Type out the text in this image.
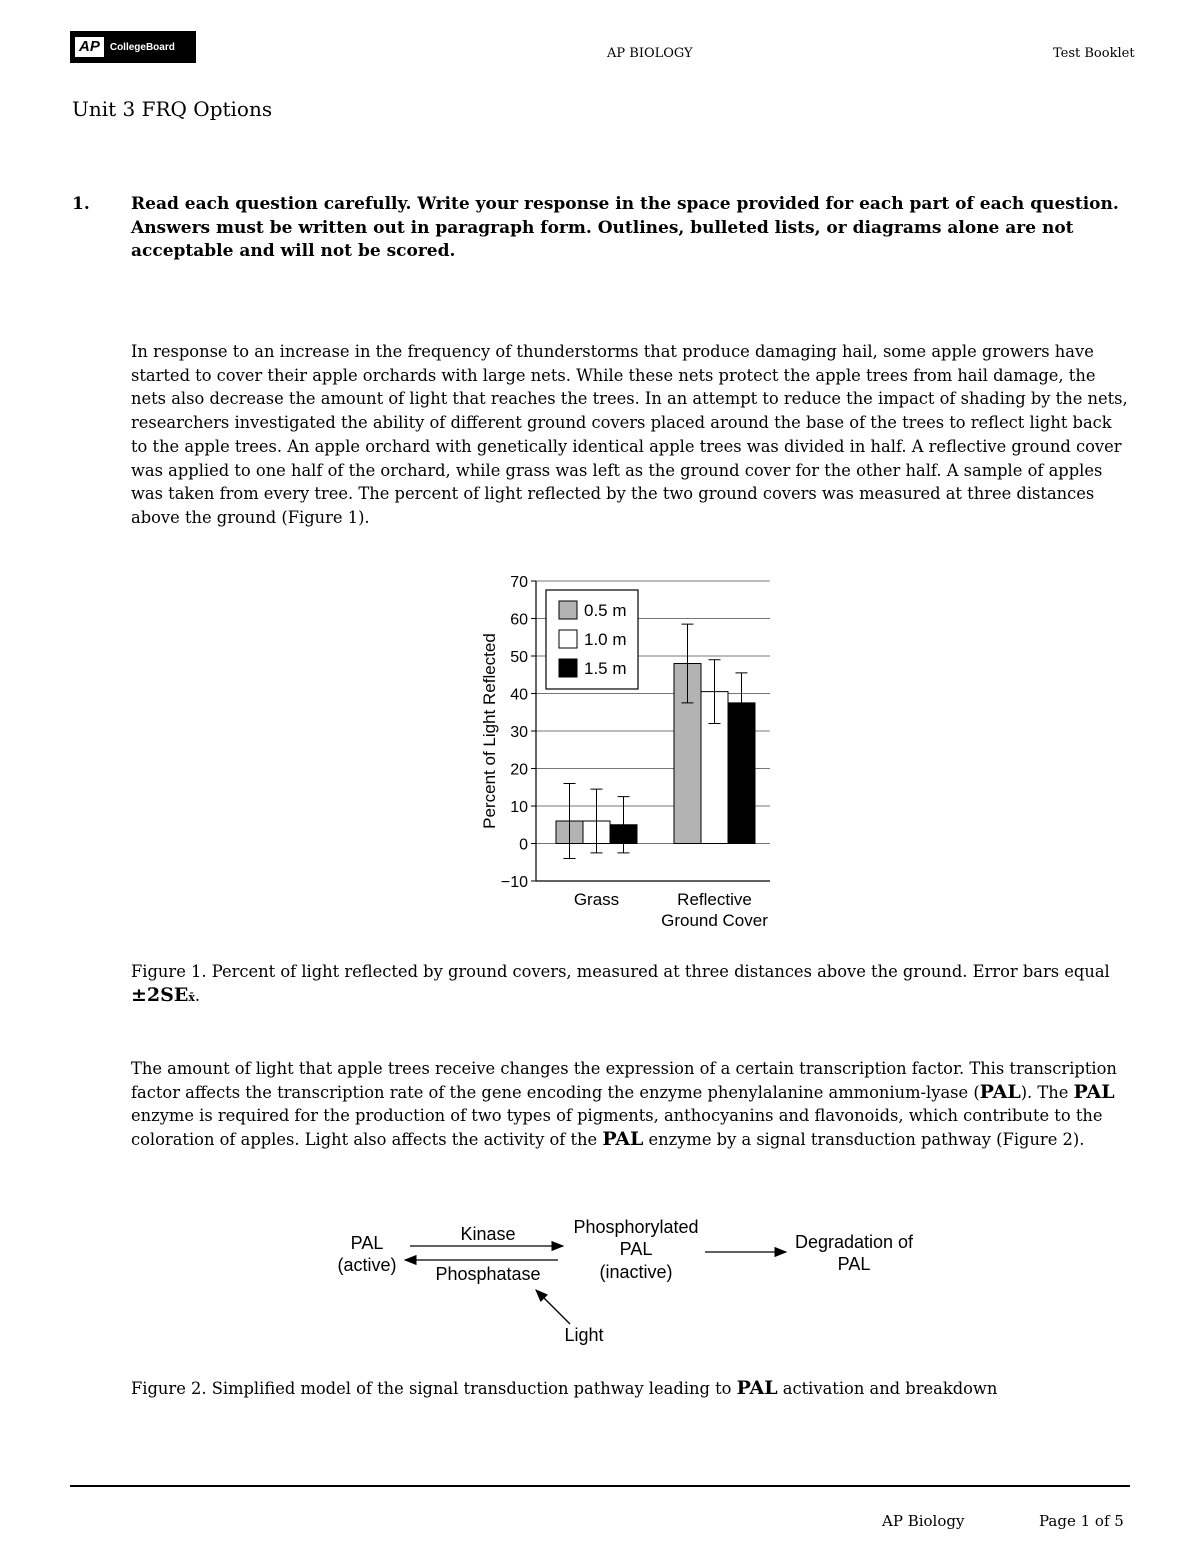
AP	CollegeBoard	AP BIOLOGY	Test Booklet
Unit 3 FRQ Options
1. Read each question carefully. Write your response in the space provided for each part of each question. Answers must be written out in paragraph form. Outlines, bulleted lists, or diagrams alone are not acceptable and will not be scored.

In response to an increase in the frequency of thunderstorms that produce damaging hail, some apple growers have started to cover their apple orchards with large nets. While these nets protect the apple trees from hail damage, the nets also decrease the amount of light that reaches the trees. In an attempt to reduce the impact of shading by the nets, researchers investigated the ability of different ground covers placed around the base of the trees to reflect light back to the apple trees. An apple orchard with genetically identical apple trees was divided in half. A reflective ground cover was applied to one half of the orchard, while grass was left as the ground cover for the other half. A sample of apples was taken from every tree. The percent of light reflected by the two ground covers was measured at three distances above the ground (Figure 1).

−10
0
10
20
30
40
50
60
70
Percent of Light Reflected
Grass	Reflective
Ground Cover
0.5 m
1.0 m
1.5 m

Figure 1. Percent of light reflected by ground covers, measured at three distances above the ground. Error bars equal ±2SEx̄.

The amount of light that apple trees receive changes the expression of a certain transcription factor. This transcription factor affects the transcription rate of the gene encoding the enzyme phenylalanine ammonium-lyase (PAL). The PAL enzyme is required for the production of two types of pigments, anthocyanins and flavonoids, which contribute to the coloration of apples. Light also affects the activity of the PAL enzyme by a signal transduction pathway (Figure 2).

PAL
(active)
Kinase
Phosphatase
Phosphorylated
PAL
(inactive)
Degradation of
PAL
Light

Figure 2. Simplified model of the signal transduction pathway leading to PAL activation and breakdown

AP Biology	Page 1 of 5
